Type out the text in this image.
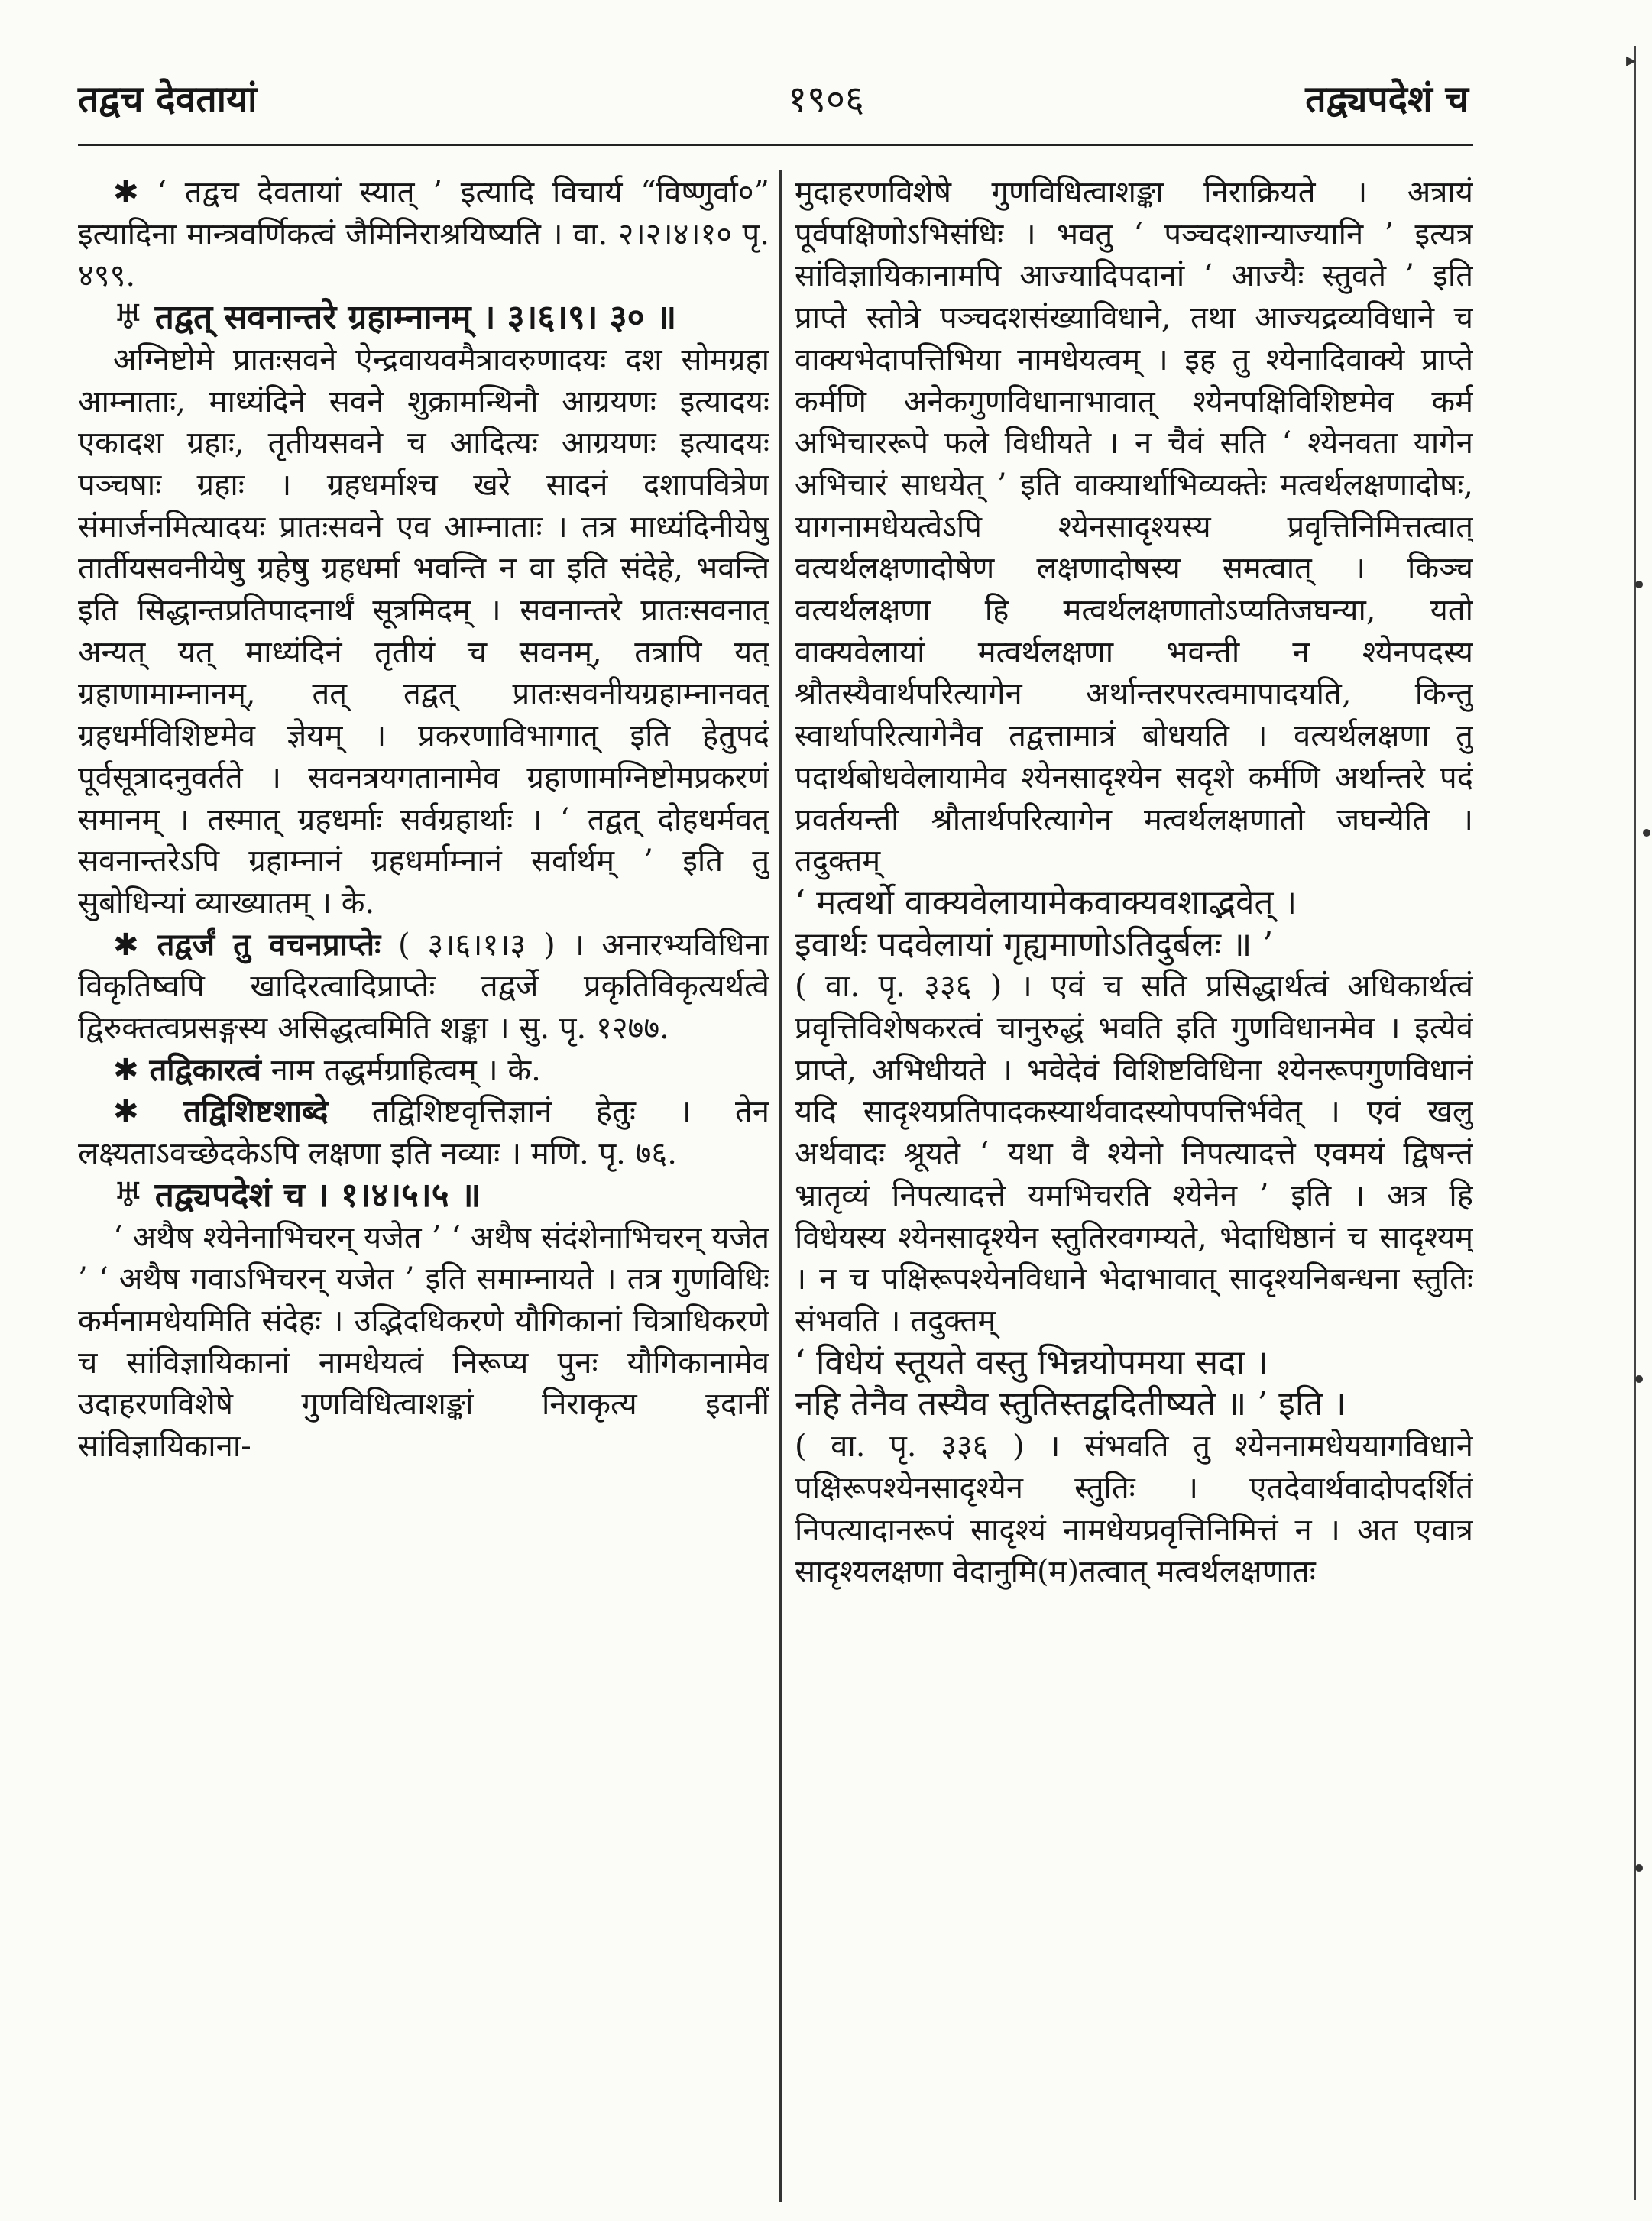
तद्वच देवतायां	१९०६	तद्व्यपदेशं च
▸

✱ ‘ तद्वच देवतायां स्यात् ’ इत्यादि विचार्य “विष्णुर्वा०” इत्यादिना मान्त्रवर्णिकत्वं जैमिनिराश्रयिष्यति । वा. २।२।४।१० पृ. ४९९.

♅ तद्वत् सवनान्तरे ग्रहाम्नानम् । ३।६।९। ३० ॥

अग्निष्टोमे प्रातःसवने ऐन्द्रवायवमैत्रावरुणादयः दश सोमग्रहा आम्नाताः, माध्यंदिने सवने शुक्रामन्थिनौ आग्रयणः इत्यादयः एकादश ग्रहाः, तृतीयसवने च आदित्यः आग्रयणः इत्यादयः पञ्चषाः ग्रहाः । ग्रहधर्माश्च खरे सादनं दशापवित्रेण संमार्जनमित्यादयः प्रातःसवने एव आम्नाताः । तत्र माध्यंदिनीयेषु तार्तीयसवनीयेषु ग्रहेषु ग्रहधर्मा भवन्ति न वा इति संदेहे, भवन्ति इति सिद्धान्तप्रतिपादनार्थं सूत्रमिदम् । सवनान्तरे प्रातःसवनात् अन्यत् यत् माध्यंदिनं तृतीयं च सवनम्, तत्रापि यत् ग्रहाणामाम्नानम्, तत् तद्वत् प्रातःसवनीयग्रहाम्नानवत् ग्रहधर्मविशिष्टमेव ज्ञेयम् । प्रकरणाविभागात् इति हेतुपदं पूर्वसूत्रादनुवर्तते । सवनत्रयगतानामेव ग्रहाणामग्निष्टोमप्रकरणं समानम् । तस्मात् ग्रहधर्माः सर्वग्रहार्थाः । ‘ तद्वत् दोहधर्मवत् सवनान्तरेऽपि ग्रहाम्नानं ग्रहधर्माम्नानं सर्वार्थम् ’ इति तु सुबोधिन्यां व्याख्यातम् । के.

✱ तद्वर्जं तु वचनप्राप्तेः ( ३।६।१।३ ) । अनारभ्यविधिना विकृतिष्वपि खादिरत्वादिप्राप्तेः तद्वर्जे प्रकृतिविकृत्यर्थत्वे द्विरुक्तत्वप्रसङ्गस्य असिद्धत्वमिति शङ्का । सु. पृ. १२७७.

✱ तद्विकारत्वं नाम तद्धर्मग्राहित्वम् । के.

✱ तद्विशिष्टशाब्दे तद्विशिष्टवृत्तिज्ञानं हेतुः । तेन लक्ष्यताऽवच्छेदकेऽपि लक्षणा इति नव्याः । मणि. पृ. ७६.

♅ तद्व्यपदेशं च । १।४।५।५ ॥

‘ अथैष श्येनेनाभिचरन् यजेत ’ ‘ अथैष संदंशेनाभिचरन् यजेत ’ ‘ अथैष गवाऽभिचरन् यजेत ’ इति समाम्नायते । तत्र गुणविधिः कर्मनामधेयमिति संदेहः । उद्भिदधिकरणे यौगिकानां चित्राधिकरणे च सांविज्ञायिकानां नामधेयत्वं निरूप्य पुनः यौगिकानामेव उदाहरणविशेषे गुणविधित्वाशङ्कां निराकृत्य इदानीं सांविज्ञायिकाना-

मुदाहरणविशेषे गुणविधित्वाशङ्का निराक्रियते । अत्रायं पूर्वपक्षिणोऽभिसंधिः । भवतु ‘ पञ्चदशान्याज्यानि ’ इत्यत्र सांविज्ञायिकानामपि आज्यादिपदानां ‘ आज्यैः स्तुवते ’ इति प्राप्ते स्तोत्रे पञ्चदशसंख्याविधाने, तथा आज्यद्रव्यविधाने च वाक्यभेदापत्तिभिया नामधेयत्वम् । इह तु श्येनादिवाक्ये प्राप्ते कर्मणि अनेकगुणविधानाभावात् श्येनपक्षिविशिष्टमेव कर्म अभिचाररूपे फले विधीयते । न चैवं सति ‘ श्येनवता यागेन अभिचारं साधयेत् ’ इति वाक्यार्थाभिव्यक्तेः मत्वर्थलक्षणादोषः, यागनामधेयत्वेऽपि श्येनसादृश्यस्य प्रवृत्तिनिमित्तत्वात् वत्यर्थलक्षणादोषेण लक्षणादोषस्य समत्वात् । किञ्च वत्यर्थलक्षणा हि मत्वर्थलक्षणातोऽप्यतिजघन्या, यतो वाक्यवेलायां मत्वर्थलक्षणा भवन्ती न श्येनपदस्य श्रौतस्यैवार्थपरित्यागेन अर्थान्तरपरत्वमापादयति, किन्तु स्वार्थापरित्यागेनैव तद्वत्तामात्रं बोधयति । वत्यर्थलक्षणा तु पदार्थबोधवेलायामेव श्येनसादृश्येन सदृशे कर्मणि अर्थान्तरे पदं प्रवर्तयन्ती श्रौतार्थपरित्यागेन मत्वर्थलक्षणातो जघन्येति । तदुक्तम्

‘ मत्वर्थो वाक्यवेलायामेकवाक्यवशाद्भवेत् ।

इवार्थः पदवेलायां गृह्यमाणोऽतिदुर्बलः ॥ ’

( वा. पृ. ३३६ ) । एवं च सति प्रसिद्धार्थत्वं अधिकार्थत्वं प्रवृत्तिविशेषकरत्वं चानुरुद्धं भवति इति गुणविधानमेव । इत्येवं प्राप्ते, अभिधीयते । भवेदेवं विशिष्टविधिना श्येनरूपगुणविधानं यदि सादृश्यप्रतिपादकस्यार्थवादस्योपपत्तिर्भवेत् । एवं खलु अर्थवादः श्रूयते ‘ यथा वै श्येनो निपत्यादत्ते एवमयं द्विषन्तं भ्रातृव्यं निपत्यादत्ते यमभिचरति श्येनेन ’ इति । अत्र हि विधेयस्य श्येनसादृश्येन स्तुतिरवगम्यते, भेदाधिष्ठानं च सादृश्यम् । न च पक्षिरूपश्येनविधाने भेदाभावात् सादृश्यनिबन्धना स्तुतिः संभवति । तदुक्तम्

‘ विधेयं स्तूयते वस्तु भिन्नयोपमया सदा ।

नहि तेनैव तस्यैव स्तुतिस्तद्वदितीष्यते ॥ ’ इति ।

( वा. पृ. ३३६ ) । संभवति तु श्येननामधेययागविधाने पक्षिरूपश्येनसादृश्येन स्तुतिः । एतदेवार्थवादोपदर्शितं निपत्यादानरूपं सादृश्यं नामधेयप्रवृत्तिनिमित्तं न । अत एवात्र सादृश्यलक्षणा वेदानुमि(म)तत्वात् मत्वर्थलक्षणातः
